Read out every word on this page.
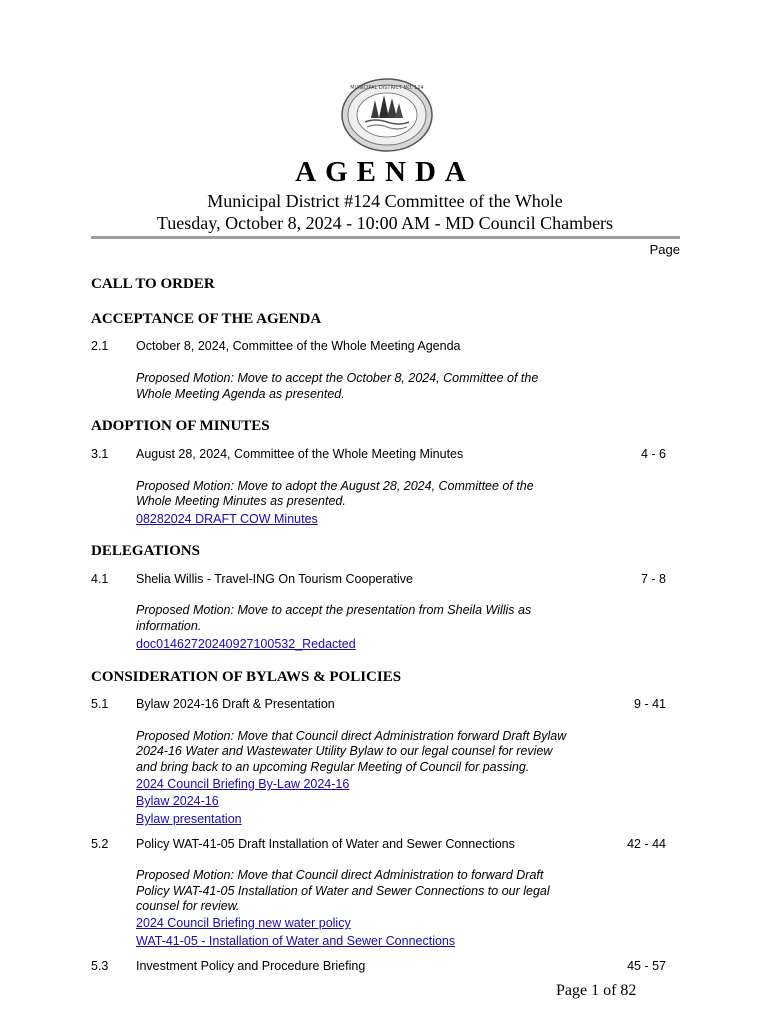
MUNICIPAL DISTRICT NO. 124
AGENDA
Municipal District #124 Committee of the Whole
Tuesday, October 8, 2024 - 10:00 AM - MD Council Chambers
Page
CALL TO ORDER
ACCEPTANCE OF THE AGENDA
2.1 October 8, 2024, Committee of the Whole Meeting Agenda
Proposed Motion: Move to accept the October 8, 2024, Committee of the
Whole Meeting Agenda as presented.
ADOPTION OF MINUTES
3.1 August 28, 2024, Committee of the Whole Meeting Minutes	4 - 6
Proposed Motion: Move to adopt the August 28, 2024, Committee of the
Whole Meeting Minutes as presented.
08282024 DRAFT COW Minutes
DELEGATIONS
4.1 Shelia Willis - Travel-ING On Tourism Cooperative	7 - 8
Proposed Motion: Move to accept the presentation from Sheila Willis as
information.
doc01462720240927100532_Redacted
CONSIDERATION OF BYLAWS & POLICIES
5.1 Bylaw 2024-16 Draft & Presentation	9 - 41
Proposed Motion: Move that Council direct Administration forward Draft Bylaw
2024-16 Water and Wastewater Utility Bylaw to our legal counsel for review
and bring back to an upcoming Regular Meeting of Council for passing.
2024 Council Briefing By-Law 2024-16
Bylaw 2024-16
Bylaw presentation
5.2 Policy WAT-41-05 Draft Installation of Water and Sewer Connections	42 - 44
Proposed Motion: Move that Council direct Administration to forward Draft
Policy WAT-41-05 Installation of Water and Sewer Connections to our legal
counsel for review.
2024 Council Briefing new water policy
WAT-41-05 - Installation of Water and Sewer Connections
5.3 Investment Policy and Procedure Briefing	45 - 57
Page 1 of 82
